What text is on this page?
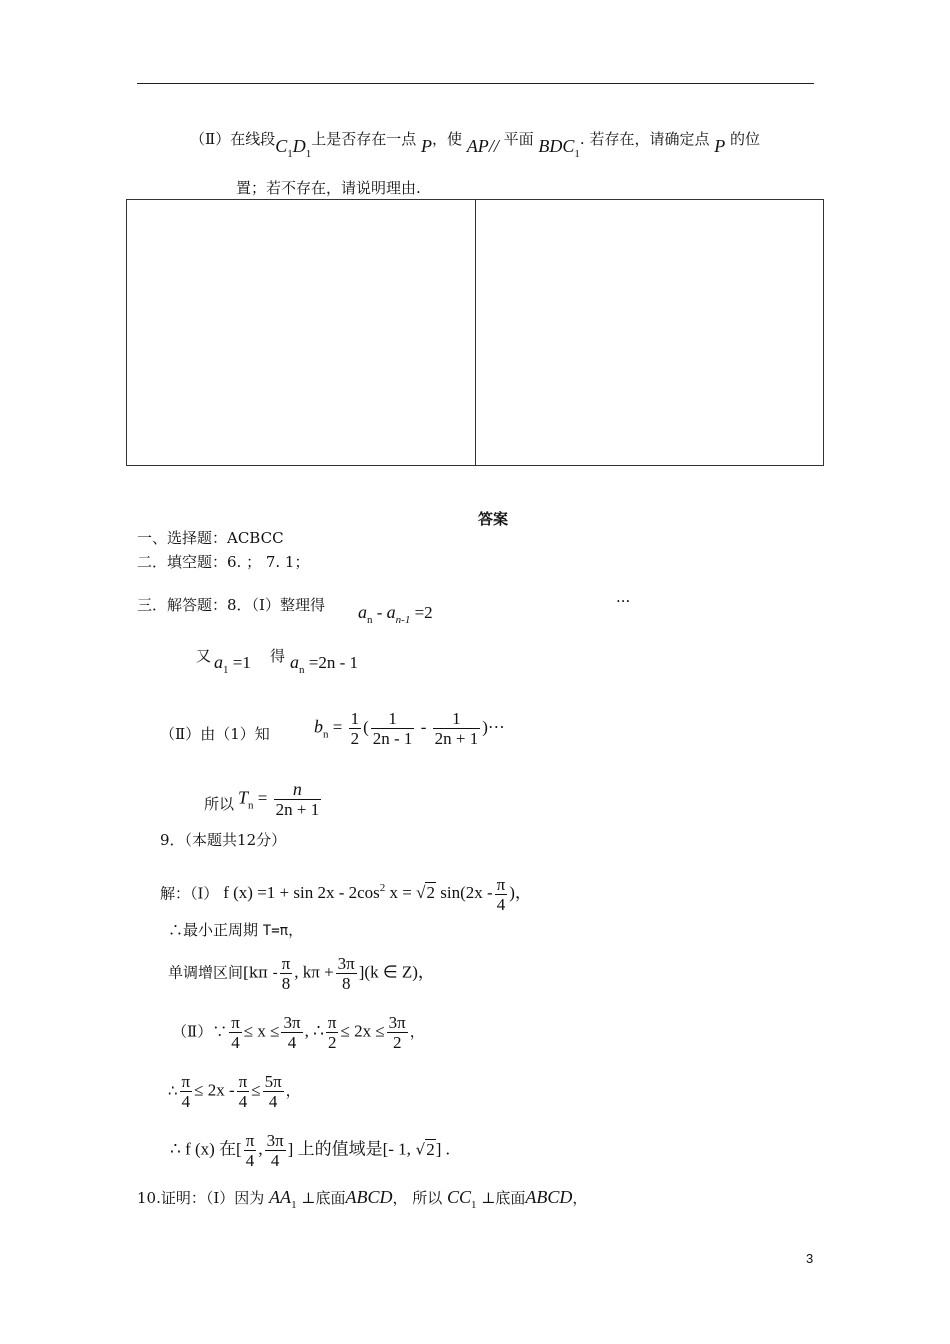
（Ⅱ）在线段$C_1D_1$上是否存在一点 P，使 AP// 平面 $BDC_1$. 若存在，请确定点 P 的位
置；若不存在，请说明理由.
答案
一、选择题：ACBCC
二．填空题：6. ； 7. 1；
三．解答题：8．（Ⅰ）整理得 $a_n - a_{n-1} =2$
···
又 $a_1 =1$ 得 $a_n =2n - 1$
（Ⅱ）由（1）知 $b_n = \frac{1}{2}$ ( $\frac{1}{2n - 1} - \frac{1}{2n + 1}$ )···
所以 $T_n = \frac{n}{2n + 1}$
9．（本题共12分）
解：（Ⅰ） f $(x) =1 + \sin 2x - 2\cos^2$ x = √2 $\sin(2x - \frac{\pi}{4}$ )，
∴最小正周期 T=π，
单调增区间[$k\pi - \frac{\pi}{8}$ , $k\pi + \frac{3\pi}{8} ](k$ ∈ Z)，
（Ⅱ）∵ $\frac{\pi}{4} \le x \le \frac{3\pi}{4}$ , ∴ $\frac{\pi}{2} \le 2x \le \frac{3\pi}{2}$ ，
∴ $\frac{\pi}{4} \le 2x - \frac{\pi}{4} \le \frac{5\pi}{4}$ ，
∴ f (x) 在[ $\frac{\pi}{4}$ , $\frac{3\pi}{4}$ ] 上的值域是[- 1, √2] .
10.证明：（Ⅰ）因为 $AA_1$ ⊥底面ABCD， 所以 $CC_1$ ⊥底面ABCD，
3
